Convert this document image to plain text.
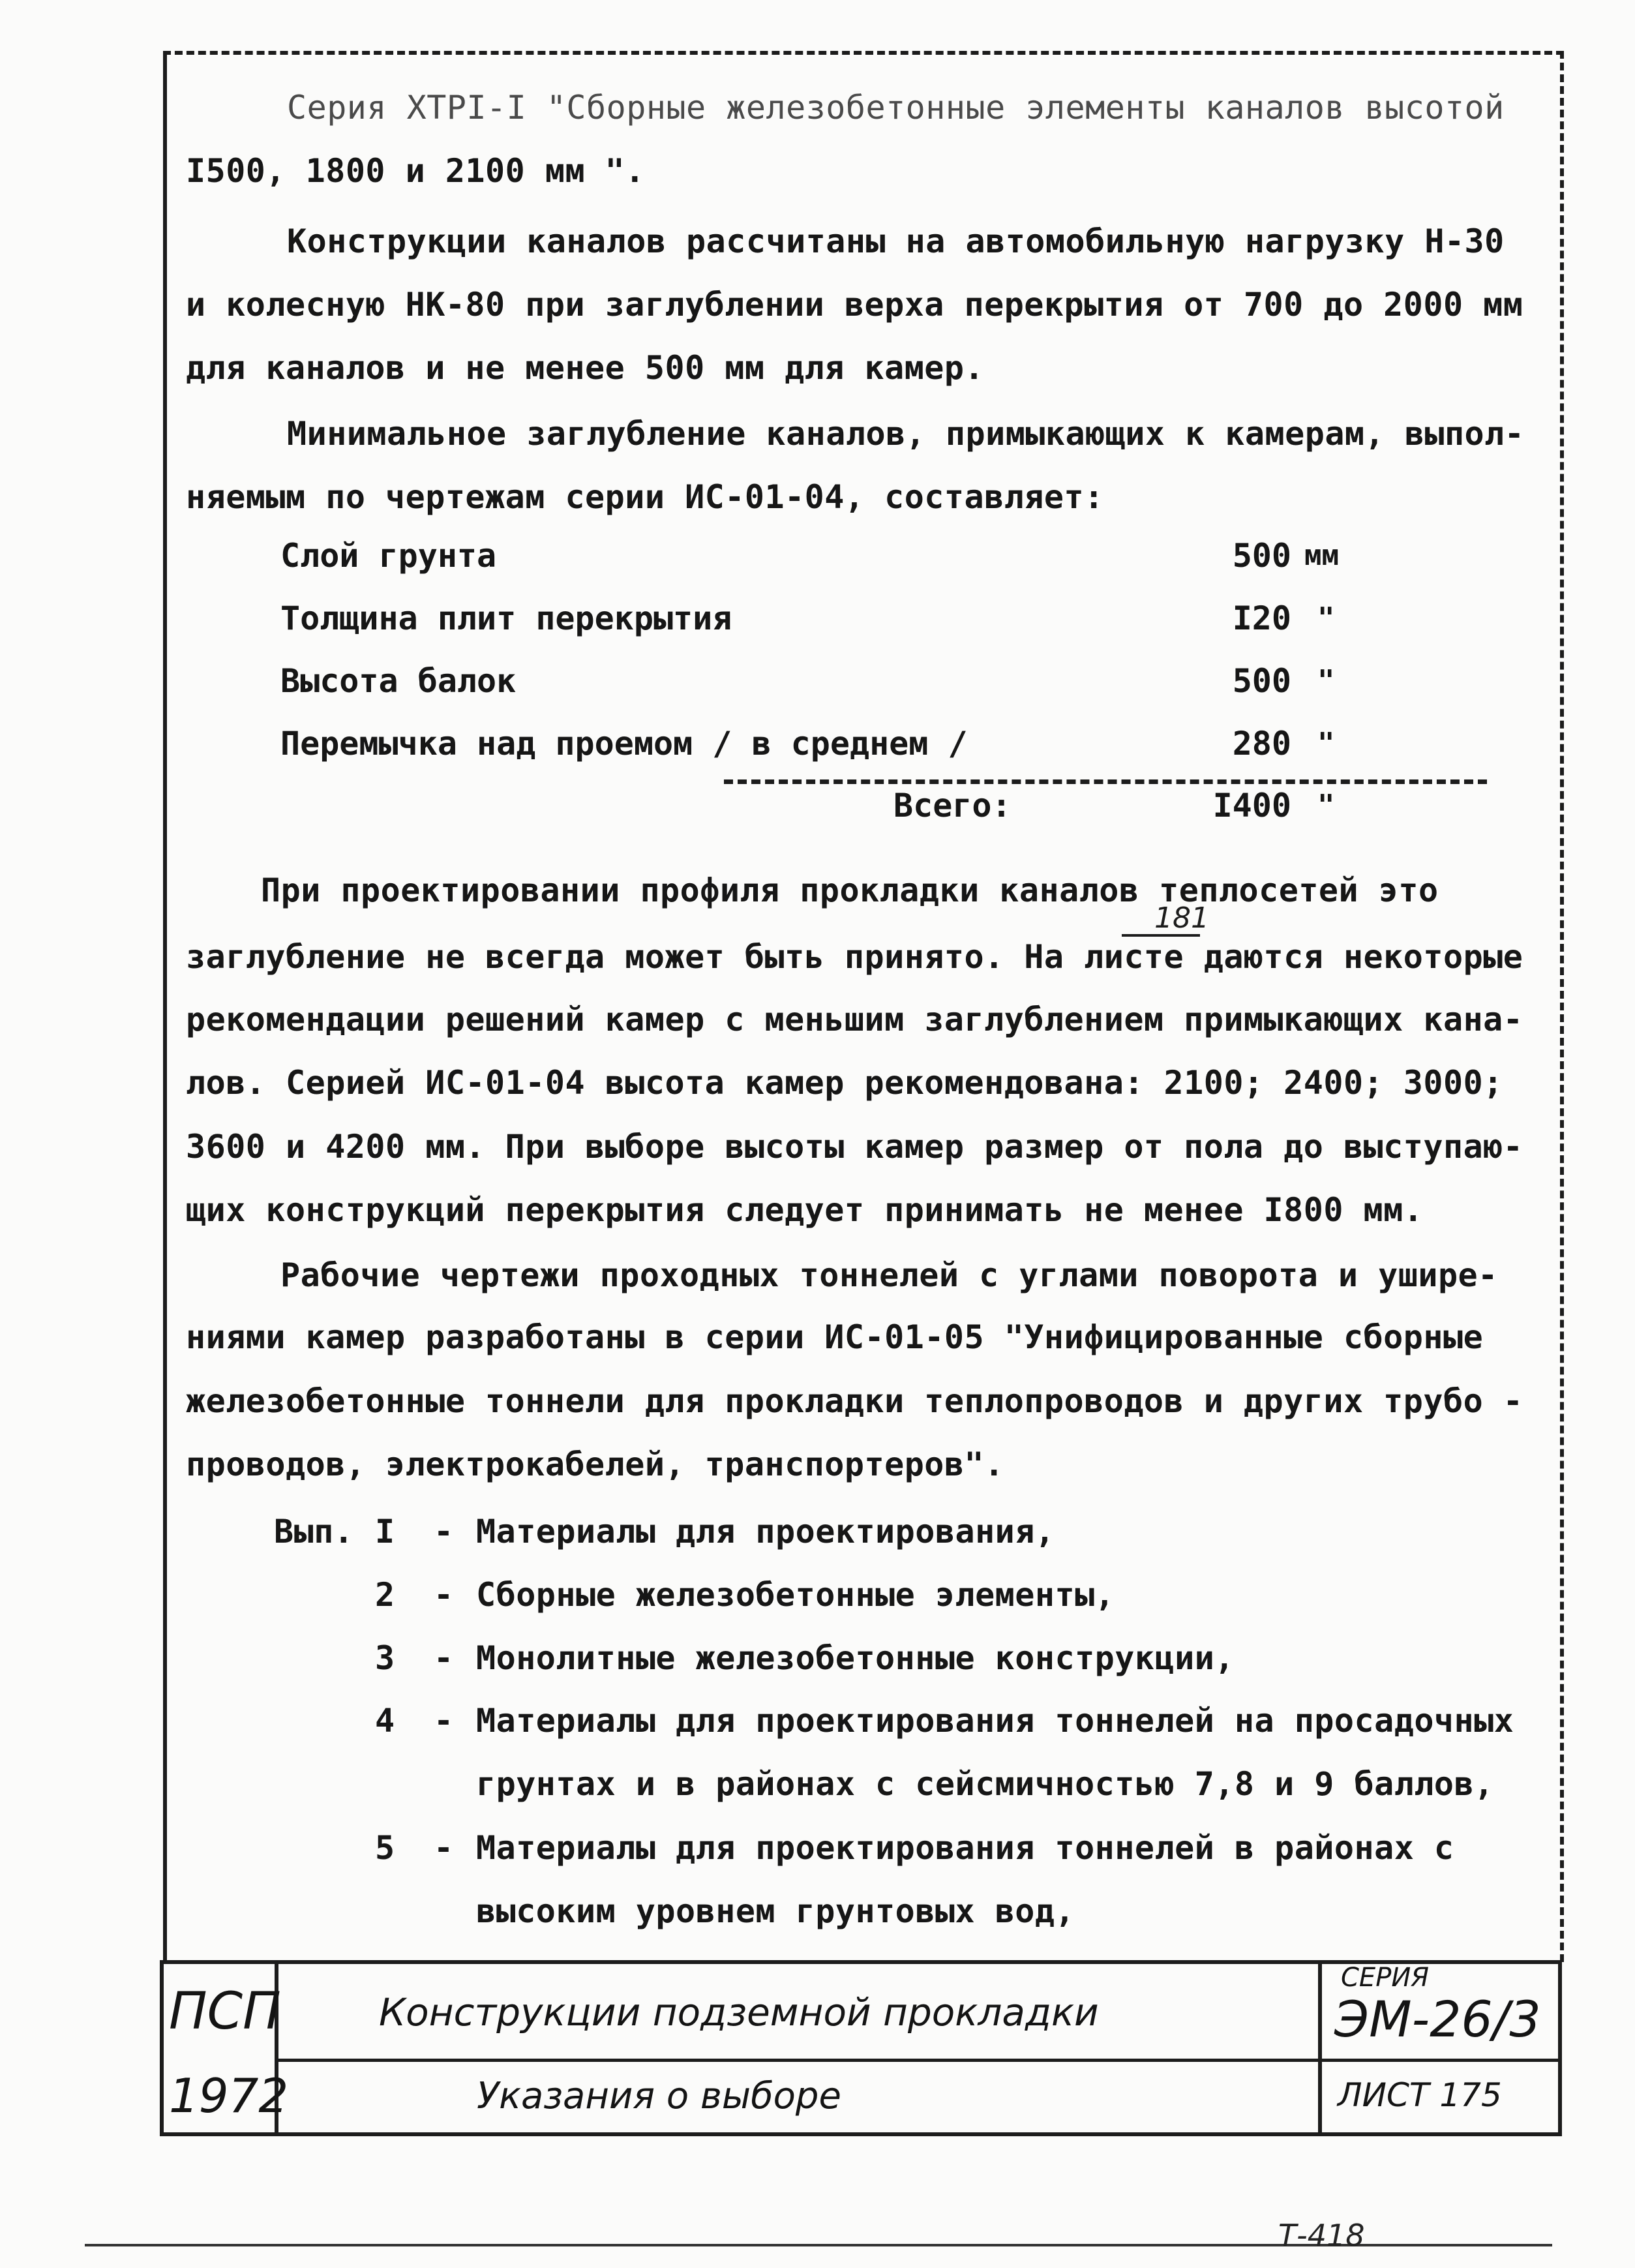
Серия ХТРI-I "Сборные железобетонные элементы каналов высотой
I500, 1800 и 2100 мм ".
Конструкции каналов рассчитаны на автомобильную нагрузку Н-30
и колесную НК-80 при заглублении верха перекрытия от 700 до 2000 мм
для каналов и не менее 500 мм для камер.
Минимальное заглубление каналов, примыкающих к камерам, выпол-
няемым по чертежам серии ИС-01-04, составляет:
Слой грунта	500 мм
Толщина плит перекрытия	I20 "
Высота балок	500 "
Перемычка над проемом / в среднем /	280 "
Всего:	I400 "
При проектировании профиля прокладки каналов теплосетей это
181
заглубление не всегда может быть принято. На листе даются некоторые
рекомендации решений камер с меньшим заглублением примыкающих кана-
лов. Серией ИС-01-04 высота камер рекомендована: 2100; 2400; 3000;
3600 и 4200 мм. При выборе высоты камер размер от пола до выступаю-
щих конструкций перекрытия следует принимать не менее I800 мм.
Рабочие чертежи проходных тоннелей с углами поворота и уширe-
ниями камер разработаны в серии ИС-01-05 "Унифицированные сборные
железобетонные тоннели для прокладки теплопроводов и других трубо -
проводов, электрокабелей, транспортеров".
Вып. I - Материалы для проектирования,
2 - Сборные железобетонные элементы,
3 - Монолитные железобетонные конструкции,
4 - Материалы для проектирования тоннелей на просадочных
грунтах и в районах с сейсмичностью 7,8 и 9 баллов,
5 - Материалы для проектирования тоннелей в районах с
высоким уровнем грунтовых вод,
ПСП
1972
Конструкции подземной прокладки
Указания о выборе
СЕРИЯ
ЭМ-26/3
ЛИСТ 175
Т-418
